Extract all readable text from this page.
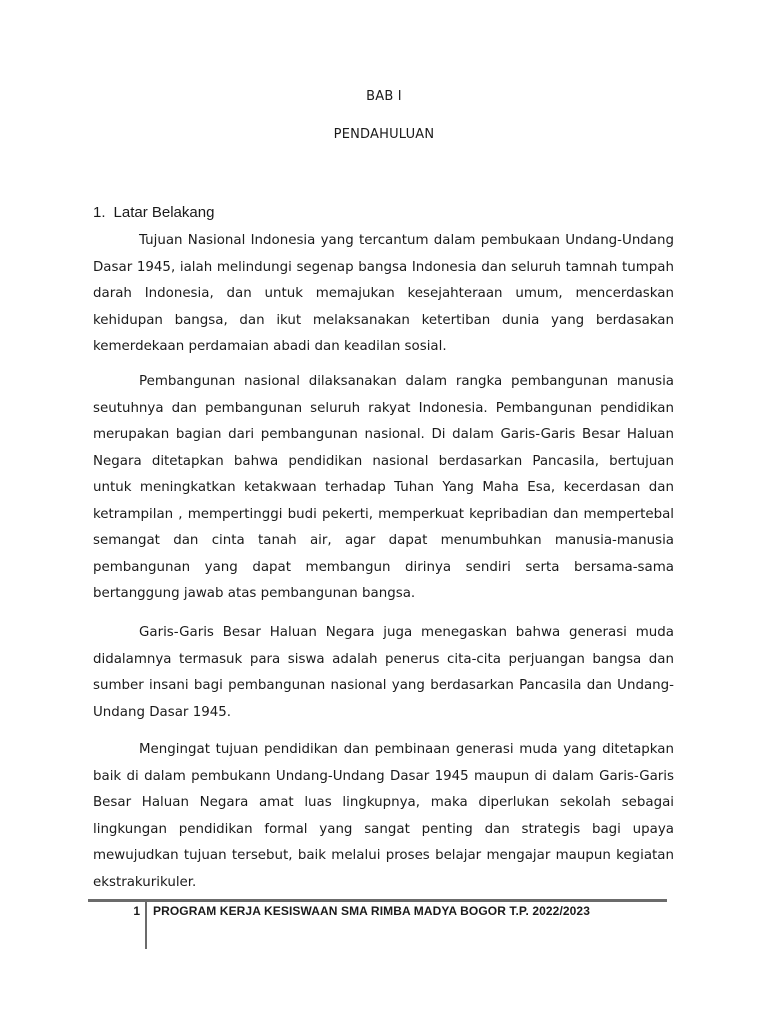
BAB I
PENDAHULUAN
1. Latar Belakang

Tujuan Nasional Indonesia yang tercantum dalam pembukaan Undang-Undang Dasar 1945, ialah melindungi segenap bangsa Indonesia dan seluruh tamnah tumpah darah Indonesia, dan untuk memajukan kesejahteraan umum, mencerdaskan kehidupan bangsa, dan ikut melaksanakan ketertiban dunia yang berdasakan kemerdekaan perdamaian abadi dan keadilan sosial.

Pembangunan nasional dilaksanakan dalam rangka pembangunan manusia seutuhnya dan pembangunan seluruh rakyat Indonesia. Pembangunan pendidikan merupakan bagian dari pembangunan nasional. Di dalam Garis-Garis Besar Haluan Negara ditetapkan bahwa pendidikan nasional berdasarkan Pancasila, bertujuan untuk meningkatkan ketakwaan terhadap Tuhan Yang Maha Esa, kecerdasan dan ketrampilan , mempertinggi budi pekerti, memperkuat kepribadian dan mempertebal semangat dan cinta tanah air, agar dapat menumbuhkan manusia-manusia pembangunan yang dapat membangun dirinya sendiri serta bersama-sama bertanggung jawab atas pembangunan bangsa.

Garis-Garis Besar Haluan Negara juga menegaskan bahwa generasi muda didalamnya termasuk para siswa adalah penerus cita-cita perjuangan bangsa dan sumber insani bagi pembangunan nasional yang berdasarkan Pancasila dan Undang-Undang Dasar 1945.

Mengingat tujuan pendidikan dan pembinaan generasi muda yang ditetapkan baik di dalam pembukann Undang-Undang Dasar 1945 maupun di dalam Garis-Garis Besar Haluan Negara amat luas lingkupnya, maka diperlukan sekolah sebagai lingkungan pendidikan formal yang sangat penting dan strategis bagi upaya mewujudkan tujuan tersebut, baik melalui proses belajar mengajar maupun kegiatan ekstrakurikuler.

1 PROGRAM KERJA KESISWAAN SMA RIMBA MADYA BOGOR T.P. 2022/2023
